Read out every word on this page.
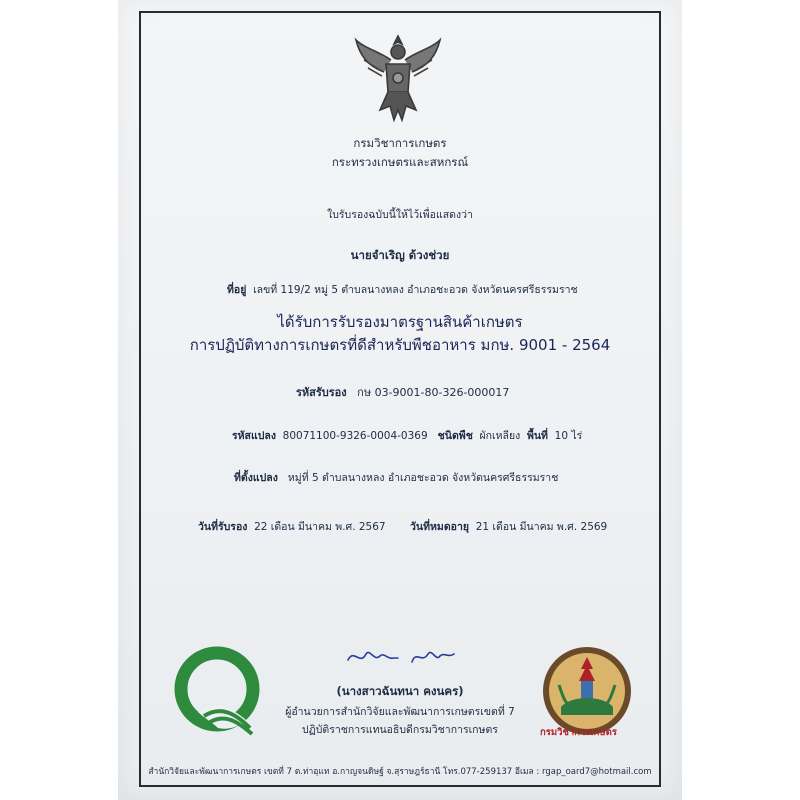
กรมวิชาการเกษตร
กระทรวงเกษตรและสหกรณ์
ใบรับรองฉบับนี้ให้ไว้เพื่อแสดงว่า
นายจำเริญ ด้วงช่วย
ที่อยู่ เลขที่ 119/2 หมู่ 5 ตำบลนางหลง อำเภอชะอวด จังหวัดนครศรีธรรมราช
ได้รับการรับรองมาตรฐานสินค้าเกษตร
การปฏิบัติทางการเกษตรที่ดีสำหรับพืชอาหาร มกษ. 9001 - 2564
รหัสรับรอง กษ 03-9001-80-326-000017
รหัสแปลง 80071100-9326-0004-0369 ชนิดพืช ผักเหลียง พื้นที่ 10 ไร่
ที่ตั้งแปลง หมู่ที่ 5 ตำบลนางหลง อำเภอชะอวด จังหวัดนครศรีธรรมราช
วันที่รับรอง 22 เดือน มีนาคม พ.ศ. 2567 วันที่หมดอายุ 21 เดือน มีนาคม พ.ศ. 2569
(นางสาวฉันทนา คงนคร)
ผู้อำนวยการสำนักวิจัยและพัฒนาการเกษตรเขตที่ 7
ปฏิบัติราชการแทนอธิบดีกรมวิชาการเกษตร	กรมวิชาการเกษตร
สำนักวิจัยและพัฒนาการเกษตร เขตที่ 7 ต.ท่าอุแท อ.กาญจนดิษฐ์ จ.สุราษฎร์ธานี โทร.077-259137 อีเมล : rgap_oard7@hotmail.com
